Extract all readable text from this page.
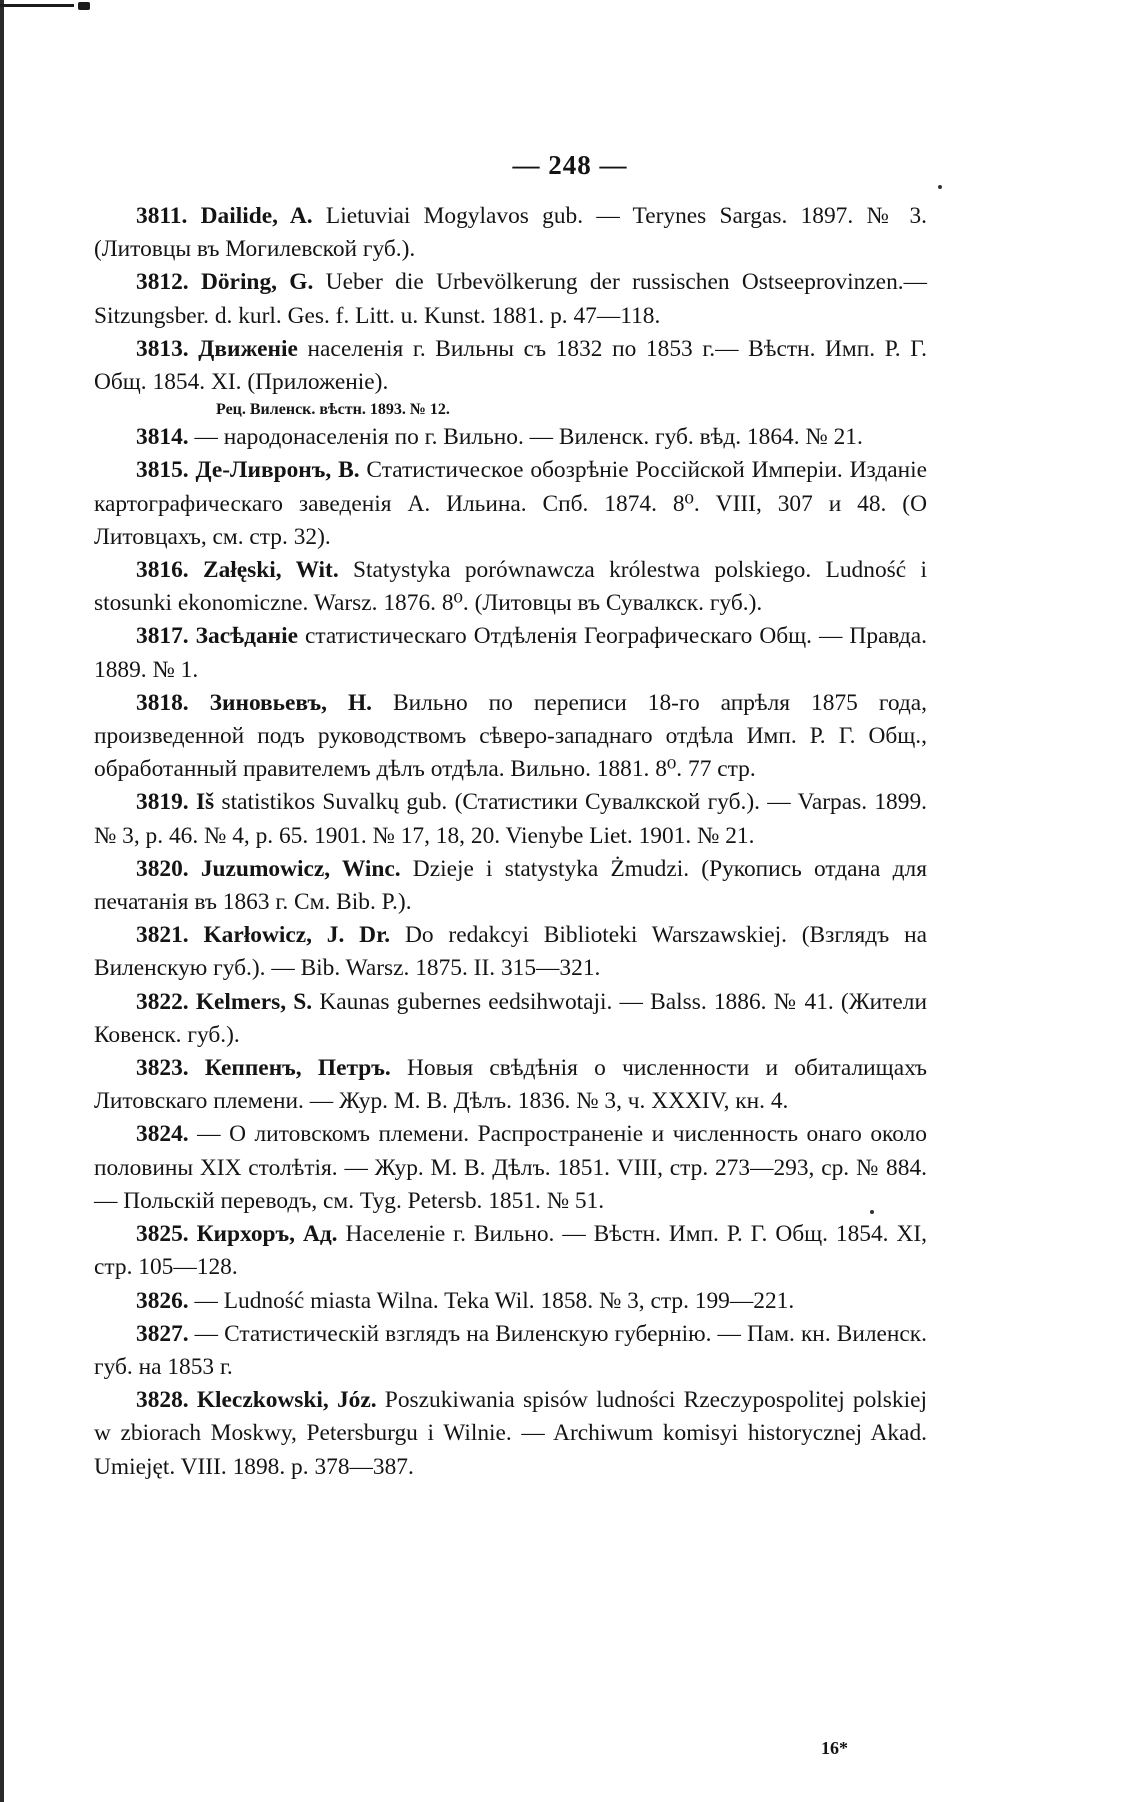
— 248 —
3811. Dailide, A. Lietuviai Mogylavos gub. — Terynes Sargas. 1897. № 3. (Литовцы въ Могилевской губ.).
3812. Döring, G. Ueber die Urbevölkerung der russischen Ostseeprovinzen.—Sitzungsber. d. kurl. Ges. f. Litt. u. Kunst. 1881. p. 47—118.
3813. Движеніе населенія г. Вильны съ 1832 по 1853 г.— Вѣстн. Имп. Р. Г. Общ. 1854. XI. (Приложеніе).
Рец. Виленск. вѣстн. 1893. № 12.
3814. — народонаселенія по г. Вильно. — Виленск. губ. вѣд. 1864. № 21.
3815. Де-Ливронъ, В. Статистическое обозрѣніе Россійской Имперіи. Изданіе картографическаго заведенія А. Ильина. Спб. 1874. 8⁰. VIII, 307 и 48. (О Литовцахъ, см. стр. 32).
3816. Załęski, Wit. Statystyka porównawcza królestwa polskiego. Ludność i stosunki ekonomiczne. Warsz. 1876. 8⁰. (Литовцы въ Сувалкск. губ.).
3817. Засѣданіе статистическаго Отдѣленія Географическаго Общ. — Правда. 1889. № 1.
3818. Зиновьевъ, Н. Вильно по переписи 18-го апрѣля 1875 года, произведенной подъ руководствомъ сѣверо-западнаго отдѣла Имп. Р. Г. Общ., обработанный правителемъ дѣлъ отдѣла. Вильно. 1881. 8⁰. 77 стр.
3819. Iš statistikos Suvalkų gub. (Статистики Сувалкской губ.). — Varpas. 1899. № 3, p. 46. № 4, p. 65. 1901. № 17, 18, 20. Vienybe Liet. 1901. № 21.
3820. Juzumowicz, Winc. Dzieje i statystyka Żmudzi. (Рукопись отдана для печатанія въ 1863 г. См. Bib. P.).
3821. Karłowicz, J. Dr. Do redakcyi Biblioteki Warszawskiej. (Взглядъ на Виленскую губ.). — Bib. Warsz. 1875. II. 315—321.
3822. Kelmers, S. Kaunas gubernes eedsihwotaji. — Balss. 1886. № 41. (Жители Ковенск. губ.).
3823. Кеппенъ, Петръ. Новыя свѣдѣнія о численности и обиталищахъ Литовскаго племени. — Жур. М. В. Дѣлъ. 1836. № 3, ч. XXXIV, кн. 4.
3824. — О литовскомъ племени. Распространеніе и численность онаго около половины XIX столѣтія. — Жур. М. В. Дѣлъ. 1851. VIII, стр. 273—293, ср. № 884. — Польскій переводъ, см. Tyg. Petersb. 1851. № 51.
3825. Кирхоръ, Ад. Населеніе г. Вильно. — Вѣстн. Имп. Р. Г. Общ. 1854. XI, стр. 105—128.
3826. — Ludność miasta Wilna. Teka Wil. 1858. № 3, стр. 199—221.
3827. — Статистическій взглядъ на Виленскую губернію. — Пам. кн. Виленск. губ. на 1853 г.
3828. Kleczkowski, Józ. Poszukiwania spisów ludności Rzeczypospolitej polskiej w zbiorach Moskwy, Petersburgu i Wilnie. — Archiwum komisyi historycznej Akad. Umiejęt. VIII. 1898. p. 378—387.
16*
